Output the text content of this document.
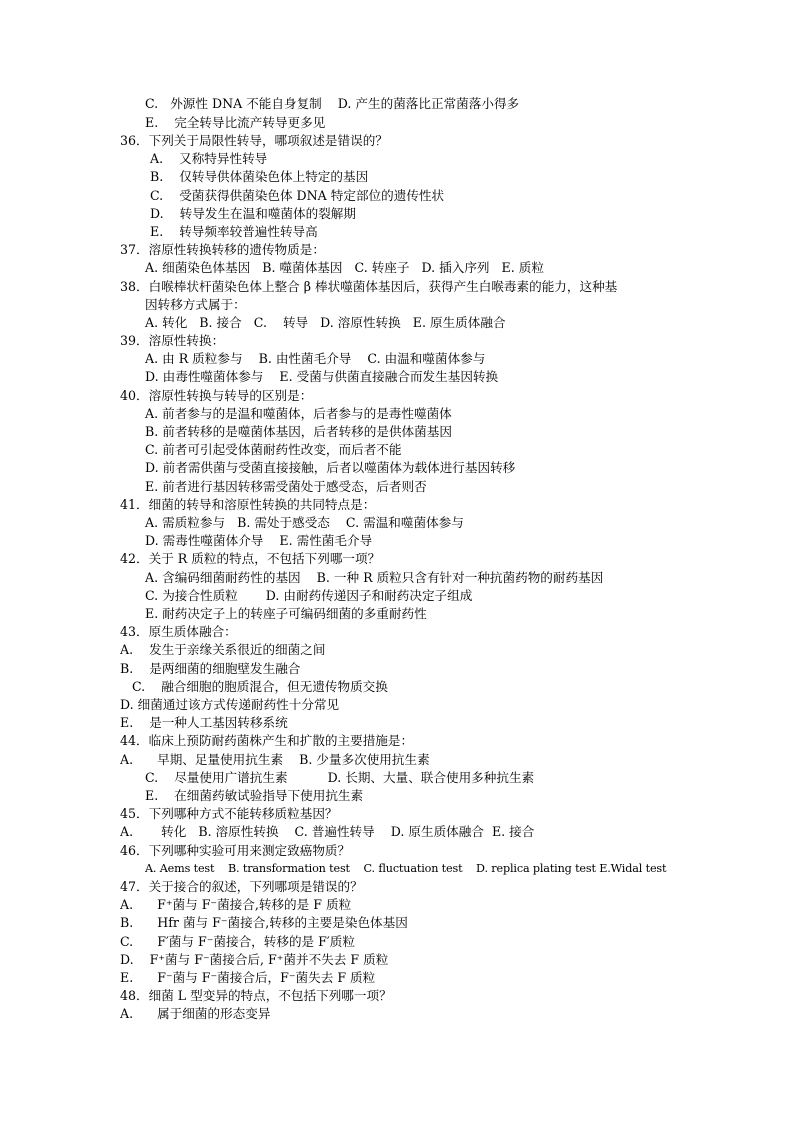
C.   外源性 DNA 不能自身复制    D. 产生的菌落比正常菌落小得多
E.    完全转导比流产转导更多见
36．下列关于局限性转导，哪项叙述是错误的？
A.    又称特异性转导
B.    仅转导供体菌染色体上特定的基因
C.    受菌获得供菌染色体 DNA 特定部位的遗传性状
D.    转导发生在温和噬菌体的裂解期
E.    转导频率较普遍性转导高
37．溶原性转换转移的遗传物质是：
A. 细菌染色体基因   B. 噬菌体基因   C. 转座子   D. 插入序列   E. 质粒
38．白喉棒状杆菌染色体上整合 β 棒状噬菌体基因后，获得产生白喉毒素的能力，这种基
因转移方式属于：
A. 转化   B. 接合   C.    转导   D. 溶原性转换   E. 原生质体融合
39．溶原性转换：
A. 由 R 质粒参与    B. 由性菌毛介导    C. 由温和噬菌体参与
D. 由毒性噬菌体参与    E. 受菌与供菌直接融合而发生基因转换
40．溶原性转换与转导的区别是：
A. 前者参与的是温和噬菌体，后者参与的是毒性噬菌体
B. 前者转移的是噬菌体基因，后者转移的是供体菌基因
C. 前者可引起受体菌耐药性改变，而后者不能
D. 前者需供菌与受菌直接接触，后者以噬菌体为载体进行基因转移
E. 前者进行基因转移需受菌处于感受态，后者则否
41．细菌的转导和溶原性转换的共同特点是：
A. 需质粒参与   B. 需处于感受态    C. 需温和噬菌体参与
D. 需毒性噬菌体介导    E. 需性菌毛介导
42．关于 R 质粒的特点，不包括下列哪一项？
A. 含编码细菌耐药性的基因    B. 一种 R 质粒只含有针对一种抗菌药物的耐药基因
C. 为接合性质粒       D. 由耐药传递因子和耐药决定子组成
E. 耐药决定子上的转座子可编码细菌的多重耐药性
43．原生质体融合：
A.    发生于亲缘关系很近的细菌之间
B.    是两细菌的细胞壁发生融合
C.    融合细胞的胞质混合，但无遗传物质交换
D. 细菌通过该方式传递耐药性十分常见
E.    是一种人工基因转移系统
44．临床上预防耐药菌株产生和扩散的主要措施是：
A.      早期、足量使用抗生素    B. 少量多次使用抗生素
C.    尽量使用广谱抗生素          D. 长期、大量、联合使用多种抗生素
E.    在细菌药敏试验指导下使用抗生素
45．下列哪种方式不能转移质粒基因？
A.       转化   B. 溶原性转换    C. 普遍性转导    D. 原生质体融合  E. 接合
46．下列哪种实验可用来测定致癌物质？
A. Aems test    B. transformation test    C. fluctuation test    D. replica plating test E.Widal test
47．关于接合的叙述，下列哪项是错误的？
A.      F⁺菌与 F⁻菌接合,转移的是 F 质粒
B.      Hfr 菌与 F⁻菌接合,转移的主要是染色体基因
C.      F′菌与 F⁻菌接合，转移的是 F′质粒
D.    F⁺菌与 F⁻菌接合后, F⁺菌并不失去 F 质粒
E.      F⁻菌与 F⁻菌接合后，F⁻菌失去 F 质粒
48．细菌 L 型变异的特点，不包括下列哪一项？
A.      属于细菌的形态变异
